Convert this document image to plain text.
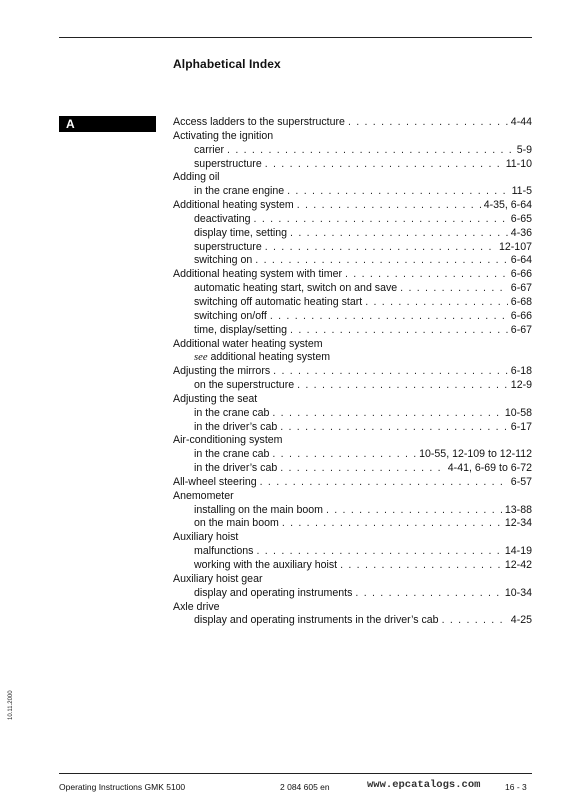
Alphabetical Index
A	Access ladders to the superstructure . . .	4-44
Activating the ignition
carrier . . .	5-9
superstructure . . .	11-10
Adding oil
in the crane engine . . .	11-5
Additional heating system . . .	4-35, 6-64
deactivating . . .	6-65
display time, setting . . .	4-36
superstructure . . .	12-107
switching on . . .	6-64
Additional heating system with timer . . .	6-66
automatic heating start, switch on and save . . .	6-67
switching off automatic heating start . . .	6-68
switching on/off . . .	6-66
time, display/setting . . .	6-67
Additional water heating system
see additional heating system
Adjusting the mirrors . . .	6-18
on the superstructure . . .	12-9
Adjusting the seat
in the crane cab . . .	10-58
in the driver’s cab . . .	6-17
Air-conditioning system
in the crane cab . . .	10-55, 12-109 to 12-112
in the driver’s cab . . .	4-41, 6-69 to 6-72
All-wheel steering . . .	6-57
Anemometer
installing on the main boom . . .	13-88
on the main boom . . .	12-34
Auxiliary hoist
malfunctions . . .	14-19
working with the auxiliary hoist . . .	12-42
Auxiliary hoist gear
display and operating instruments . . .	10-34
Axle drive
display and operating instruments in the driver’s cab . . .	4-25
10.11.2000
Operating Instructions GMK 5100	2 084 605 en	www.epcatalogs.com	16 - 3
